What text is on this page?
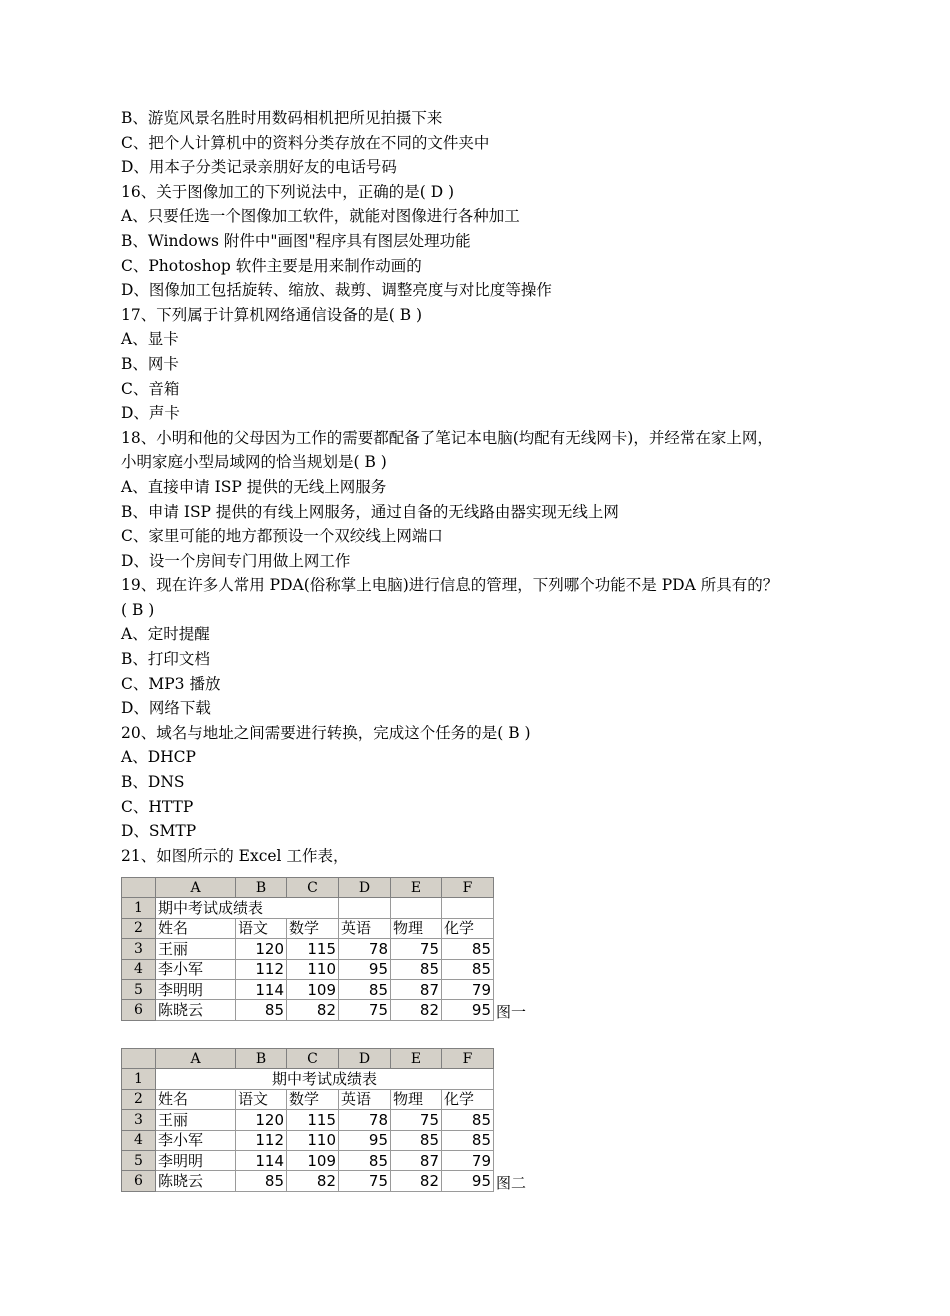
B、游览风景名胜时用数码相机把所见拍摄下来
C、把个人计算机中的资料分类存放在不同的文件夹中
D、用本子分类记录亲朋好友的电话号码
16、关于图像加工的下列说法中，正确的是( D )
A、只要任选一个图像加工软件，就能对图像进行各种加工
B、Windows 附件中"画图"程序具有图层处理功能
C、Photoshop 软件主要是用来制作动画的
D、图像加工包括旋转、缩放、裁剪、调整亮度与对比度等操作
17、下列属于计算机网络通信设备的是( B )
A、显卡
B、网卡
C、音箱
D、声卡
18、小明和他的父母因为工作的需要都配备了笔记本电脑(均配有无线网卡)，并经常在家上网，
小明家庭小型局域网的恰当规划是( B )
A、直接申请 ISP 提供的无线上网服务
B、申请 ISP 提供的有线上网服务，通过自备的无线路由器实现无线上网
C、家里可能的地方都预设一个双绞线上网端口
D、设一个房间专门用做上网工作
19、现在许多人常用 PDA(俗称掌上电脑)进行信息的管理，下列哪个功能不是 PDA 所具有的？
( B )
A、定时提醒
B、打印文档
C、MP3 播放
D、网络下载
20、域名与地址之间需要进行转换，完成这个任务的是( B )
A、DHCP
B、DNS
C、HTTP
D、SMTP
21、如图所示的 Excel 工作表，
	A	B	C	D	E	F
1	期中考试成绩表					
2	姓名	语文	数学	英语	物理	化学
3	王丽	120	115	78	75	85
4	李小军	112	110	95	85	85
5	李明明	114	109	85	87	79
6	陈晓云	85	82	75	82	95 图一
	A	B	C	D	E	F
1	期中考试成绩表					
2	姓名	语文	数学	英语	物理	化学
3	王丽	120	115	78	75	85
4	李小军	112	110	95	85	85
5	李明明	114	109	85	87	79
6	陈晓云	85	82	75	82	95 图二
